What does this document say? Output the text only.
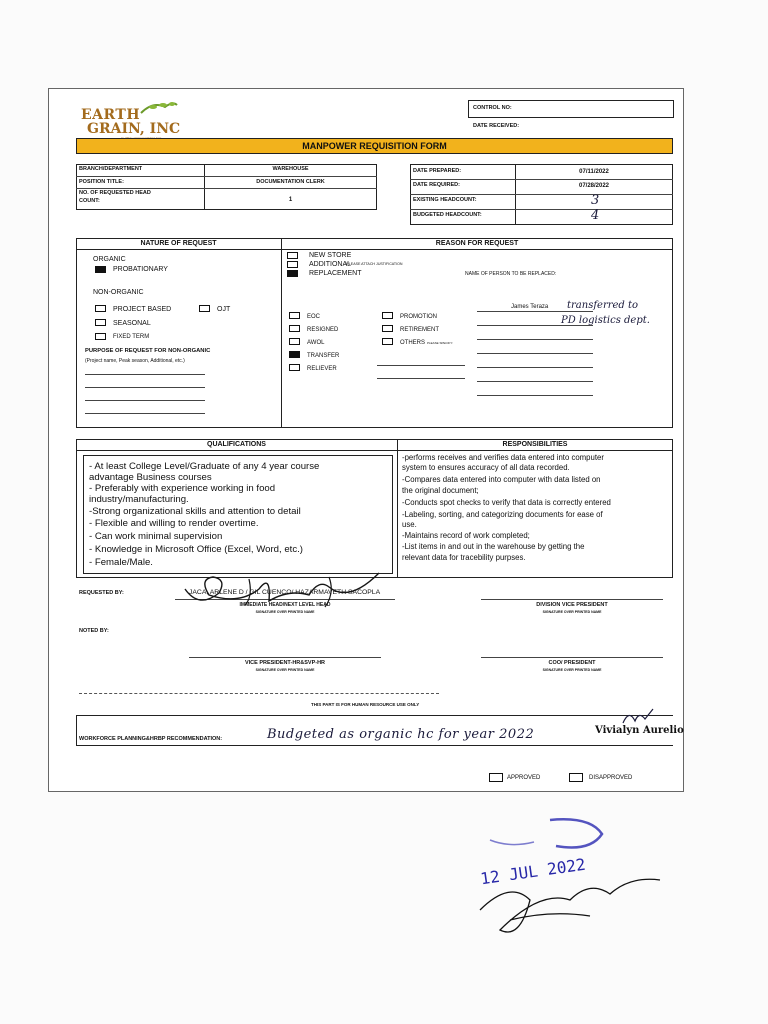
EARTH
GRAIN, INC
CONTROL NO:
DATE RECEIVED:
MANPOWER REQUISITION FORM
BRANCH/DEPARTMENT	WAREHOUSE
POSITION TITLE:	DOCUMENTATION CLERK
NO. OF REQUESTED HEAD
COUNT:	1
DATE PREPARED:	07/11/2022
DATE REQUIRED:	07/28/2022
EXISTING HEADCOUNT:	3
BUDGETED HEADCOUNT:	4
NATURE OF REQUEST	REASON FOR REQUEST
ORGANIC
PROBATIONARY
NON-ORGANIC
PROJECT BASED	OJT
SEASONAL
FIXED TERM
PURPOSE OF REQUEST FOR NON-ORGANIC
(Project name, Peak season, Additional, etc.)
NEW STORE
ADDITIONAL
*PLEASE ATTACH JUSTIFICATION
REPLACEMENT	NAME OF PERSON TO BE REPLACED:
EOC
RESIGNED
AWOL
TRANSFER
RELIEVER
PROMOTION
RETIREMENT
OTHERS PLEASE SPECIFY:
James Teraza transferred to
PD logistics dept.
QUALIFICATIONS	RESPONSIBILITIES
- At least College Level/Graduate of any 4 year course
advantage Business courses
- Preferably with experience working in food
industry/manufacturing.
-Strong organizational skills and attention to detail
- Flexible and willing to render overtime.
- Can work minimal supervision
- Knowledge in Microsoft Office (Excel, Word, etc.)
- Female/Male.
-performs receives and verifies data entered into computer
system to ensures accuracy of all data recorded.
-Compares data entered into computer with data listed on
the original document;
-Conducts spot checks to verify that data is correctly entered
-Labeling, sorting, and categorizing documents for ease of
use.
-Maintains record of work completed;
-List items in and out in the warehouse by getting the
relevant data for tracebility purpses.
REQUESTED BY:	JACA, ARLENE D / GIL CUENCO/ HAZARMAVETH SACOPLA
IMMEDIATE HEAD/NEXT LEVEL HEAD
SIGNATURE OVER PRINTED NAME
DIVISION VICE PRESIDENT
SIGNATURE OVER PRINTED NAME
NOTED BY:
VICE PRESIDENT-HR&SVP-HR
SIGNATURE OVER PRINTED NAME
COO/ PRESIDENT
SIGNATURE OVER PRINTED NAME
THIS PART IS FOR HUMAN RESOURCE USE ONLY
WORKFORCE PLANNING&HRBP RECOMMENDATION:	Budgeted as organic hc for year 2022	Vivialyn Aurelio
APPROVED	DISAPPROVED
12 JUL 2022
